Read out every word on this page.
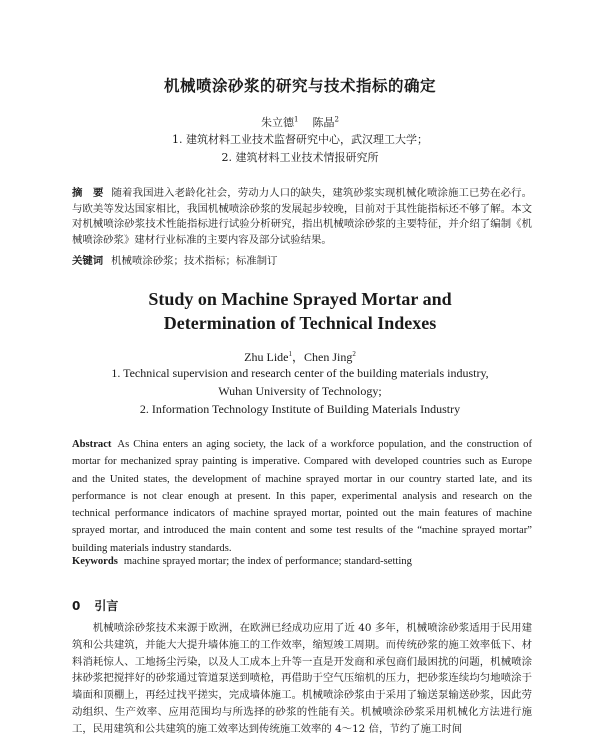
机械喷涂砂浆的研究与技术指标的确定
朱立德$^1$ 陈晶$^2$
1. 建筑材料工业技术监督研究中心，武汉理工大学；
2. 建筑材料工业技术情报研究所
摘　要 随着我国进入老龄化社会，劳动力人口的缺失，建筑砂浆实现机械化喷涂施工已势在必行。与欧美等发达国家相比，我国机械喷涂砂浆的发展起步较晚，目前对于其性能指标还不够了解。本文对机械喷涂砂浆技术性能指标进行试验分析研究，指出机械喷涂砂浆的主要特征，并介绍了编制《机械喷涂砂浆》建材行业标准的主要内容及部分试验结果。
关键词 机械喷涂砂浆；技术指标；标准制订
Study on Machine Sprayed Mortar and
Determination of Technical Indexes
Zhu Lide$^1$，Chen Jing$^2$
1. Technical supervision and research center of the building materials industry,
Wuhan University of Technology;
2. Information Technology Institute of Building Materials Industry
Abstract As China enters an aging society, the lack of a workforce population, and the construction of mortar for mechanized spray painting is imperative. Compared with developed countries such as Europe and the United states, the development of machine sprayed mortar in our country started late, and its performance is not clear enough at present. In this paper, experimental analysis and research on the technical performance indicators of machine sprayed mortar, pointed out the main features of machine sprayed mortar, and introduced the main content and some test results of the “machine sprayed mortar” building materials industry standards.
Keywords machine sprayed mortar; the index of performance; standard-setting
0 引言
机械喷涂砂浆技术来源于欧洲，在欧洲已经成功应用了近 40 多年，机械喷涂砂浆适用于民用建筑和公共建筑，并能大大提升墙体施工的工作效率，缩短竣工周期。而传统砂浆的施工效率低下、材料消耗惊人、工地扬尘污染，以及人工成本上升等一直是开发商和承包商们最困扰的问题，机械喷涂抹砂浆把搅拌好的砂浆通过管道泵送到喷枪，再借助于空气压缩机的压力，把砂浆连续均匀地喷涂于墙面和顶棚上，再经过找平搓实，完成墙体施工。机械喷涂砂浆由于采用了输送泵输送砂浆，因此劳动组织、生产效率、应用范围均与所选择的砂浆的性能有关。机械喷涂砂浆采用机械化方法进行施工，民用建筑和公共建筑的施工效率达到传统施工效率的 4～12 倍，节约了施工时间
